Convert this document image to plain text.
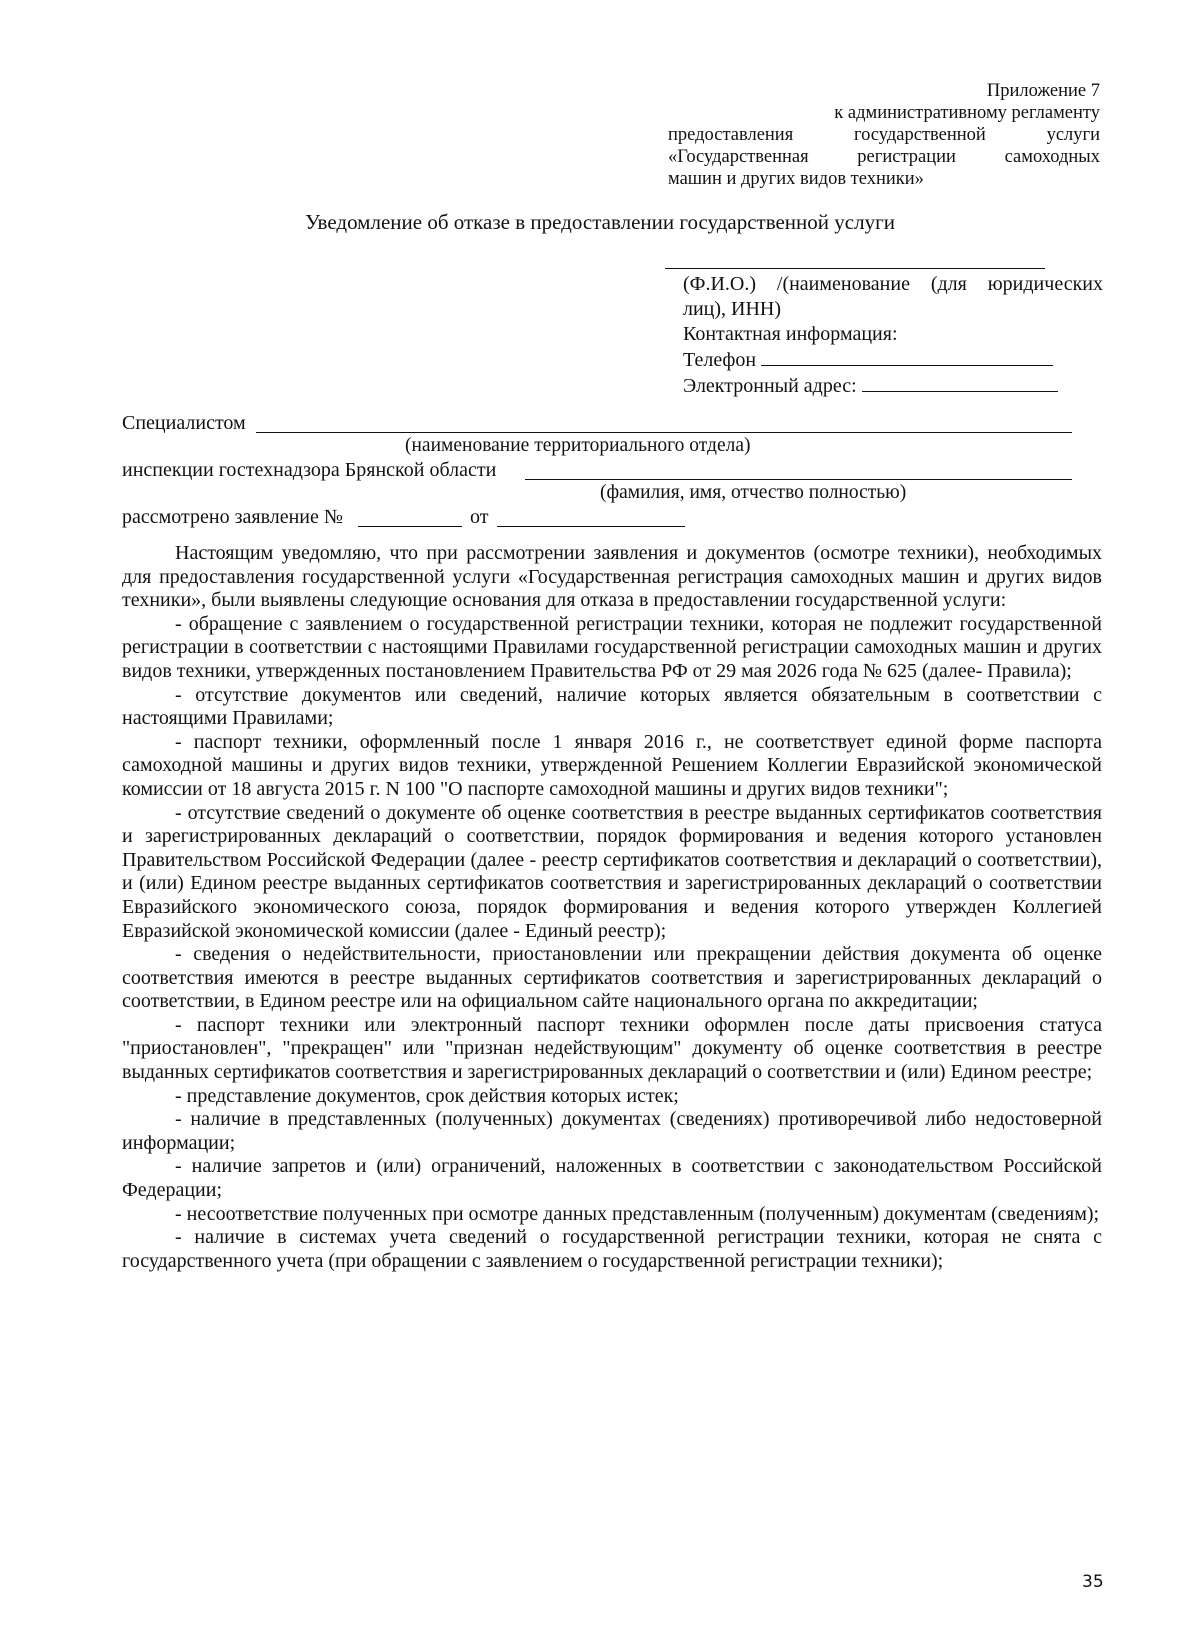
Приложение 7
к административному регламенту
предоставления государственной услуги
«Государственная регистрации самоходных
машин и других видов техники»
Уведомление об отказе в предоставлении государственной услуги
(Ф.И.О.) /(наименование (для юридических лиц), ИНН)
Контактная информация:
Телефон
Электронный адрес:
Специалистом
(наименование территориального отдела)
инспекции гостехнадзора Брянской области
(фамилия, имя, отчество полностью)
рассмотрено заявление №	от

Настоящим уведомляю, что при рассмотрении заявления и документов (осмотре техники), необходимых для предоставления государственной услуги «Государственная регистрация самоходных машин и других видов техники», были выявлены следующие основания для отказа в предоставлении государственной услуги:

- обращение с заявлением о государственной регистрации техники, которая не подлежит государственной регистрации в соответствии с настоящими Правилами государственной регистрации самоходных машин и других видов техники, утвержденных постановлением Правительства РФ от 29 мая 2026 года № 625 (далее- Правила);

- отсутствие документов или сведений, наличие которых является обязательным в соответствии с настоящими Правилами;

- паспорт техники, оформленный после 1 января 2016 г., не соответствует единой форме паспорта самоходной машины и других видов техники, утвержденной Решением Коллегии Евразийской экономической комиссии от 18 августа 2015 г. N 100 "О паспорте самоходной машины и других видов техники";

- отсутствие сведений о документе об оценке соответствия в реестре выданных сертификатов соответствия и зарегистрированных деклараций о соответствии, порядок формирования и ведения которого установлен Правительством Российской Федерации (далее - реестр сертификатов соответствия и деклараций о соответствии), и (или) Едином реестре выданных сертификатов соответствия и зарегистрированных деклараций о соответствии Евразийского экономического союза, порядок формирования и ведения которого утвержден Коллегией Евразийской экономической комиссии (далее - Единый реестр);

- сведения о недействительности, приостановлении или прекращении действия документа об оценке соответствия имеются в реестре выданных сертификатов соответствия и зарегистрированных деклараций о соответствии, в Едином реестре или на официальном сайте национального органа по аккредитации;

- паспорт техники или электронный паспорт техники оформлен после даты присвоения статуса "приостановлен", "прекращен" или "признан недействующим" документу об оценке соответствия в реестре выданных сертификатов соответствия и зарегистрированных деклараций о соответствии и (или) Едином реестре;

- представление документов, срок действия которых истек;

- наличие в представленных (полученных) документах (сведениях) противоречивой либо недостоверной информации;

- наличие запретов и (или) ограничений, наложенных в соответствии с законодательством Российской Федерации;

- несоответствие полученных при осмотре данных представленным (полученным) документам (сведениям);

- наличие в системах учета сведений о государственной регистрации техники, которая не снята с государственного учета (при обращении с заявлением о государственной регистрации техники);

35
